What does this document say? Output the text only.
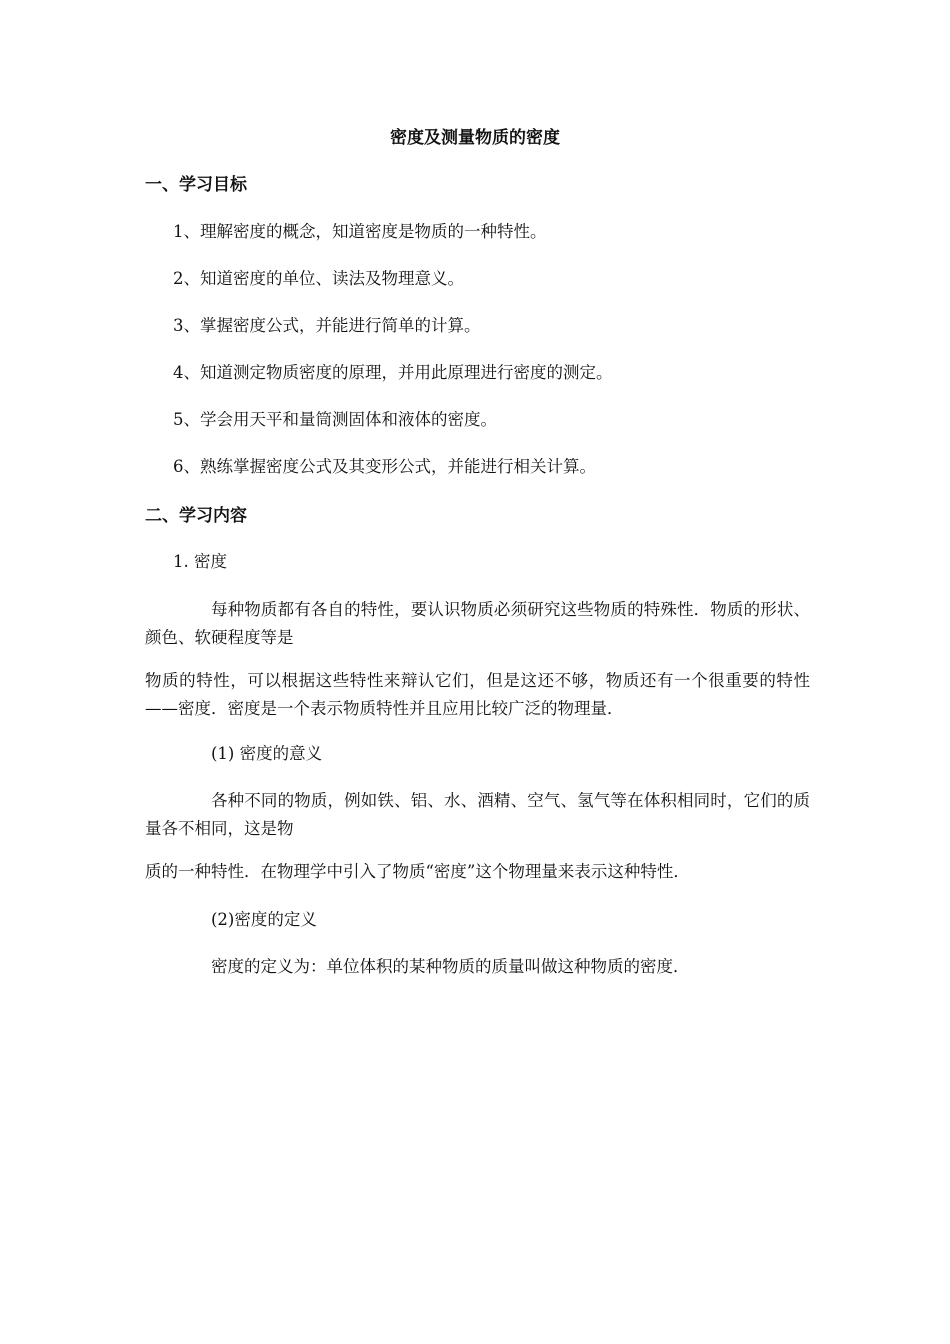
密度及测量物质的密度
一、学习目标
1、理解密度的概念，知道密度是物质的一种特性。
2、知道密度的单位、读法及物理意义。
3、掌握密度公式，并能进行简单的计算。
4、知道测定物质密度的原理，并用此原理进行密度的测定。
5、学会用天平和量筒测固体和液体的密度。
6、熟练掌握密度公式及其变形公式，并能进行相关计算。
二、学习内容
1. 密度
每种物质都有各自的特性，要认识物质必须研究这些物质的特殊性．物质的形状、颜色、软硬程度等是
物质的特性，可以根据这些特性来辩认它们，但是这还不够，物质还有一个很重要的特性——密度．密度是一个表示物质特性并且应用比较广泛的物理量．
(1) 密度的意义
各种不同的物质，例如铁、铝、水、酒精、空气、氢气等在体积相同时，它们的质量各不相同，这是物
质的一种特性．在物理学中引入了物质“密度”这个物理量来表示这种特性．
(2)密度的定义
密度的定义为：单位体积的某种物质的质量叫做这种物质的密度．
